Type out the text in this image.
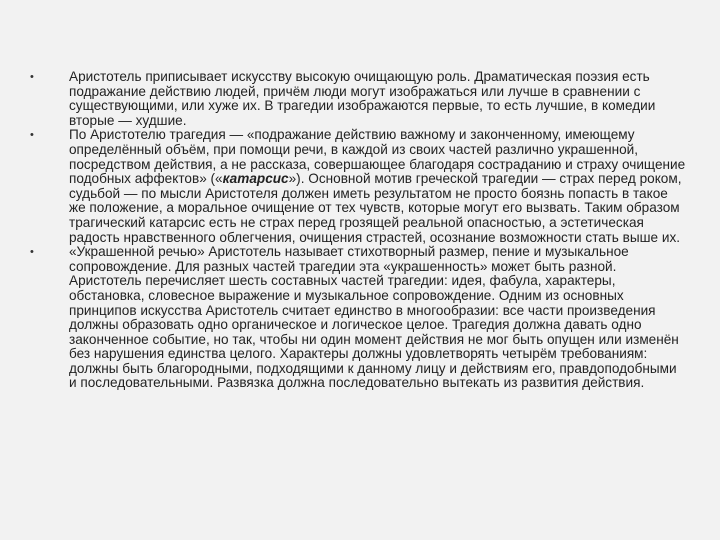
•	Аристотель приписывает искусству высокую очищающую роль. Драматическая поэзия есть подражание действию людей, причём люди могут изображаться или лучше в сравнении с существующими, или хуже их. В трагедии изображаются первые, то есть лучшие, в комедии вторые — худшие.
•	По Аристотелю трагедия — «подражание действию важному и законченному, имеющему определённый объём, при помощи речи, в каждой из своих частей различно украшенной, посредством действия, а не рассказа, совершающее благодаря состраданию и страху очищение подобных аффектов» («катарсис»). Основной мотив греческой трагедии — страх перед роком, судьбой — по мысли Аристотеля должен иметь результатом не просто боязнь попасть в такое же положение, а моральное очищение от тех чувств, которые могут его вызвать. Таким образом трагический катарсис есть не страх перед грозящей реальной опасностью, а эстетическая радость нравственного облегчения, очищения страстей, осознание возможности стать выше их.
•	«Украшенной речью» Аристотель называет стихотворный размер, пение и музыкальное сопровождение. Для разных частей трагедии эта «украшенность» может быть разной. Аристотель перечисляет шесть составных частей трагедии: идея, фабула, характеры, обстановка, словесное выражение и музыкальное сопровождение. Одним из основных принципов искусства Аристотель считает единство в многообразии: все части произведения должны образовать одно органическое и логическое целое. Трагедия должна давать одно законченное событие, но так, чтобы ни один момент действия не мог быть опущен или изменён без нарушения единства целого. Характеры должны удовлетворять четырём требованиям: должны быть благородными, подходящими к данному лицу и действиям его, правдоподобными и последовательными. Развязка должна последовательно вытекать из развития действия.
